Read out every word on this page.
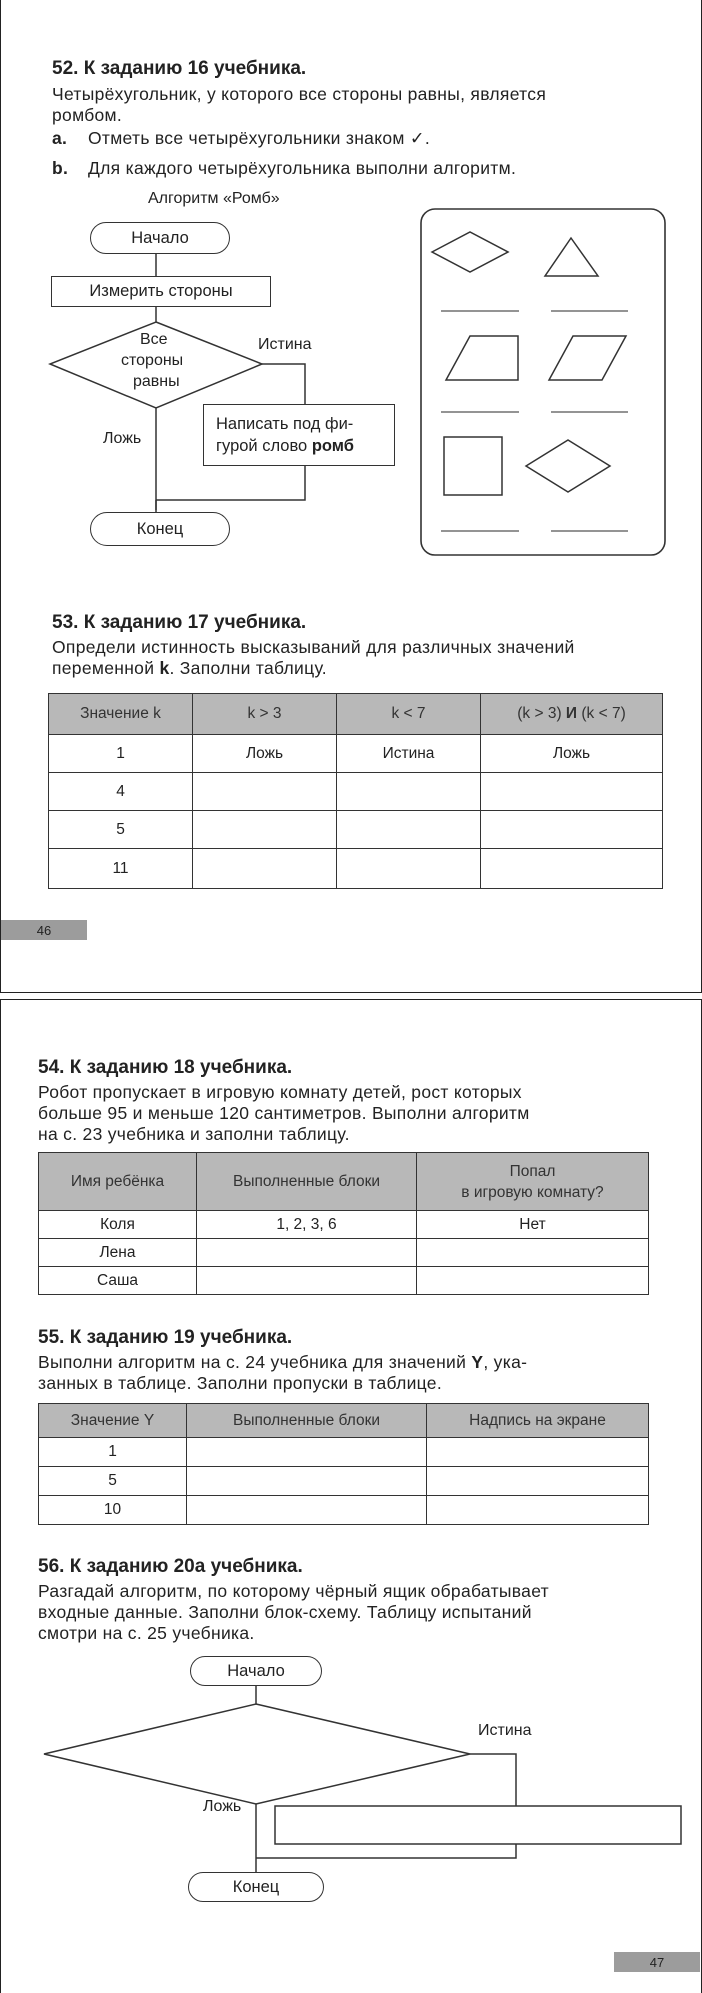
52. К заданию 16 учебника.
Четырёхугольник, у которого все стороны равны, является
ромбом.
a. Отметь все четырёхугольники знаком ✓.
b. Для каждого четырёхугольника выполни алгоритм.
Алгоритм «Ромб»
Начало
Измерить стороны
Все
стороны
равны
Истина
Ложь
Написать под фи-
гурой слово ромб
Конец
53. К заданию 17 учебника.
Определи истинность высказываний для различных значений
переменной k. Заполни таблицу.
Значение k	k > 3	k < 7	(k > 3) И (k < 7)
1	Ложь	Истина	Ложь
4			
5			
11			
46
54. К заданию 18 учебника.
Робот пропускает в игровую комнату детей, рост которых
больше 95 и меньше 120 сантиметров. Выполни алгоритм
на с. 23 учебника и заполни таблицу.
Имя ребёнка	Выполненные блоки	Попал
в игровую комнату?
Коля	1, 2, 3, 6	Нет
Лена		
Саша		
55. К заданию 19 учебника.
Выполни алгоритм на с. 24 учебника для значений Y, ука-
занных в таблице. Заполни пропуски в таблице.
Значение Y	Выполненные блоки	Надпись на экране
1		
5		
10		
56. К заданию 20а учебника.
Разгадай алгоритм, по которому чёрный ящик обрабатывает
входные данные. Заполни блок-схему. Таблицу испытаний
смотри на с. 25 учебника.
Начало
Истина
Ложь
Конец
47
